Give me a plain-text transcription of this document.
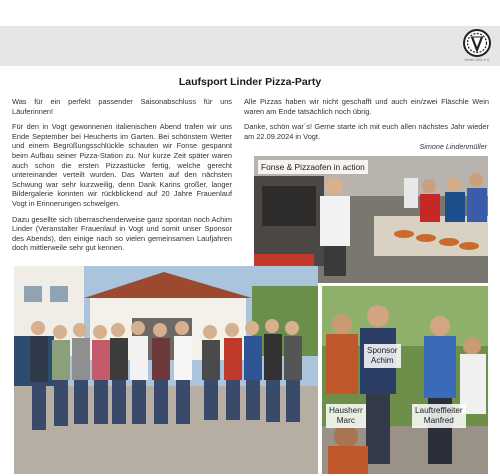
Verein 1901 e.V.
Laufsport Linder Pizza-Party

Was für ein perfekt passender Saisonabschluss für uns Läuferinnen!

Für den in Vogt gewonnenen italienischen Abend trafen wir uns Ende September bei Heucherts im Garten. Bei schönstem Wetter und einem Begrüßungsschlückle schauten wir Fonse gespannt beim Aufbau seiner Pizza-Station zu. Nur kurze Zeit später waren auch schon die ersten Pizzastücke fertig, welche gerecht untereinander verteilt wurden. Das Warten auf den nächsten Schwung war sehr kurzweilig, denn Dank Karins großer, langer Bildergalerie konnten wir rückblickend auf 20 Jahre Frauenlauf Vogt in Erinnerungen schwelgen.

Dazu gesellte sich überraschenderweise ganz spontan noch Achim Linder (Veranstalter Frauenlauf in Vogt und somit unser Sponsor des Abends), den einige nach so vielen gemeinsamen Laufjahren doch mittlerweile sehr gut kennen.

Alle Pizzas haben wir nicht geschafft und auch ein/zwei Fläschle Wein waren am Ende tatsächlich noch übrig.

Danke, schön war´s! Gerne starte ich mit euch allen nächstes Jahr wieder am 22.09.2024 in Vogt.

Simone Lindenmüller
Fonse & Pizzaofen in action
Sponsor
Achim
Hausherr
Marc
Lauftreffleiter
Manfred
